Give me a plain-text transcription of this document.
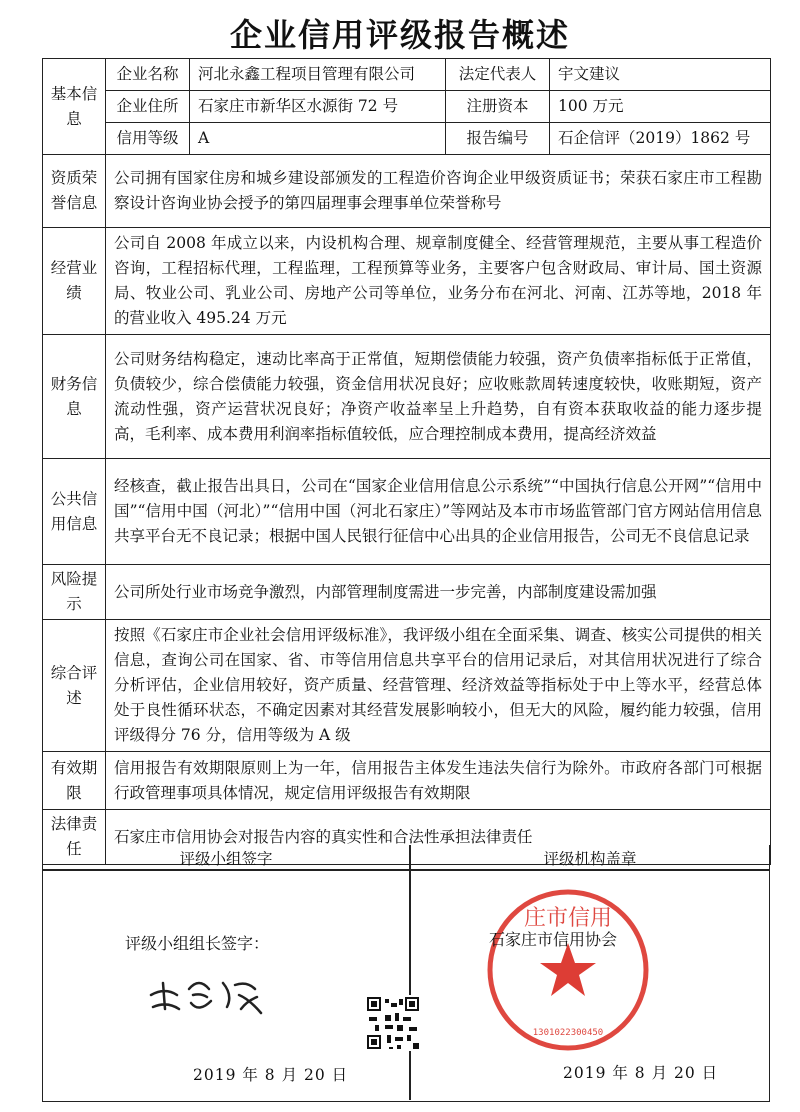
企业信用评级报告概述
基本信息	企业名称	河北永鑫工程项目管理有限公司	法定代表人	宇文建议
	企业住所	石家庄市新华区水源街 72 号	注册资本	100 万元
	信用等级	A	报告编号	石企信评（2019）1862 号
资质荣誉信息	公司拥有国家住房和城乡建设部颁发的工程造价咨询企业甲级资质证书；荣获石家庄市工程勘察设计咨询业协会授予的第四届理事会理事单位荣誉称号			
经营业绩	公司自 2008 年成立以来，内设机构合理、规章制度健全、经营管理规范，主要从事工程造价咨询，工程招标代理，工程监理，工程预算等业务，主要客户包含财政局、审计局、国土资源局、牧业公司、乳业公司、房地产公司等单位，业务分布在河北、河南、江苏等地，2018 年的营业收入 495.24 万元			
财务信息	公司财务结构稳定，速动比率高于正常值，短期偿债能力较强，资产负债率指标低于正常值，负债较少，综合偿债能力较强，资金信用状况良好；应收账款周转速度较快，收账期短，资产流动性强，资产运营状况良好；净资产收益率呈上升趋势，自有资本获取收益的能力逐步提高，毛利率、成本费用利润率指标值较低，应合理控制成本费用，提高经济效益			
公共信用信息	经核查，截止报告出具日，公司在“国家企业信用信息公示系统”“中国执行信息公开网”“信用中国”“信用中国（河北）”“信用中国（河北石家庄）”等网站及本市市场监管部门官方网站信用信息共享平台无不良记录；根据中国人民银行征信中心出具的企业信用报告，公司无不良信息记录			
风险提示	公司所处行业市场竞争激烈，内部管理制度需进一步完善，内部制度建设需加强			
综合评述	按照《石家庄市企业社会信用评级标准》，我评级小组在全面采集、调查、核实公司提供的相关信息，查询公司在国家、省、市等信用信息共享平台的信用记录后，对其信用状况进行了综合分析评估，企业信用较好，资产质量、经营管理、经济效益等指标处于中上等水平，经营总体处于良性循环状态，不确定因素对其经营发展影响较小，但无大的风险，履约能力较强，信用评级得分 76 分，信用等级为 A 级			
有效期限	信用报告有效期限原则上为一年，信用报告主体发生违法失信行为除外。市政府各部门可根据行政管理事项具体情况，规定信用评级报告有效期限			
法律责任	石家庄市信用协会对报告内容的真实性和合法性承担法律责任			
评级小组签字	评级机构盖章
评级小组组长签字：
2019 年 8 月 20 日
庄市信用
1301022300450
石家庄市信用协会
2019 年 8 月 20 日
